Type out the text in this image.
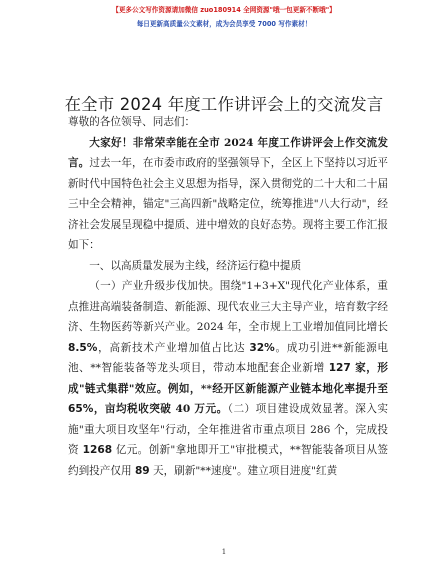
【更多公文写作资源请加微信 zuo180914 全网资源"哦一包更新不断哦"】
每日更新高质量公文素材，成为会员享受 7000 写作素材！
在全市 2024 年度工作讲评会上的交流发言

尊敬的各位领导、同志们：

大家好！非常荣幸能在全市 2024 年度工作讲评会上作交流发言。过去一年，在市委市政府的坚强领导下，全区上下坚持以习近平新时代中国特色社会主义思想为指导，深入贯彻党的二十大和二十届三中全会精神，锚定"三高四新"战略定位，统筹推进"八大行动"，经济社会发展呈现稳中提质、进中增效的良好态势。现将主要工作汇报如下：

一、以高质量发展为主线，经济运行稳中提质

（一）产业升级步伐加快。围绕"1+3+X"现代化产业体系，重点推进高端装备制造、新能源、现代农业三大主导产业，培育数字经济、生物医药等新兴产业。2024 年，全市规上工业增加值同比增长 8.5%，高新技术产业增加值占比达 32%。成功引进**新能源电池、**智能装备等龙头项目，带动本地配套企业新增 127 家，形成"链式集群"效应。例如，**经开区新能源产业链本地化率提升至 65%，亩均税收突破 40 万元。（二）项目建设成效显著。深入实施"重大项目攻坚年"行动，全年推进省市重点项目 286 个，完成投资 1268 亿元。创新"拿地即开工"审批模式，**智能装备项目从签约到投产仅用 89 天，刷新"**速度"。建立项目进度"红黄

1
